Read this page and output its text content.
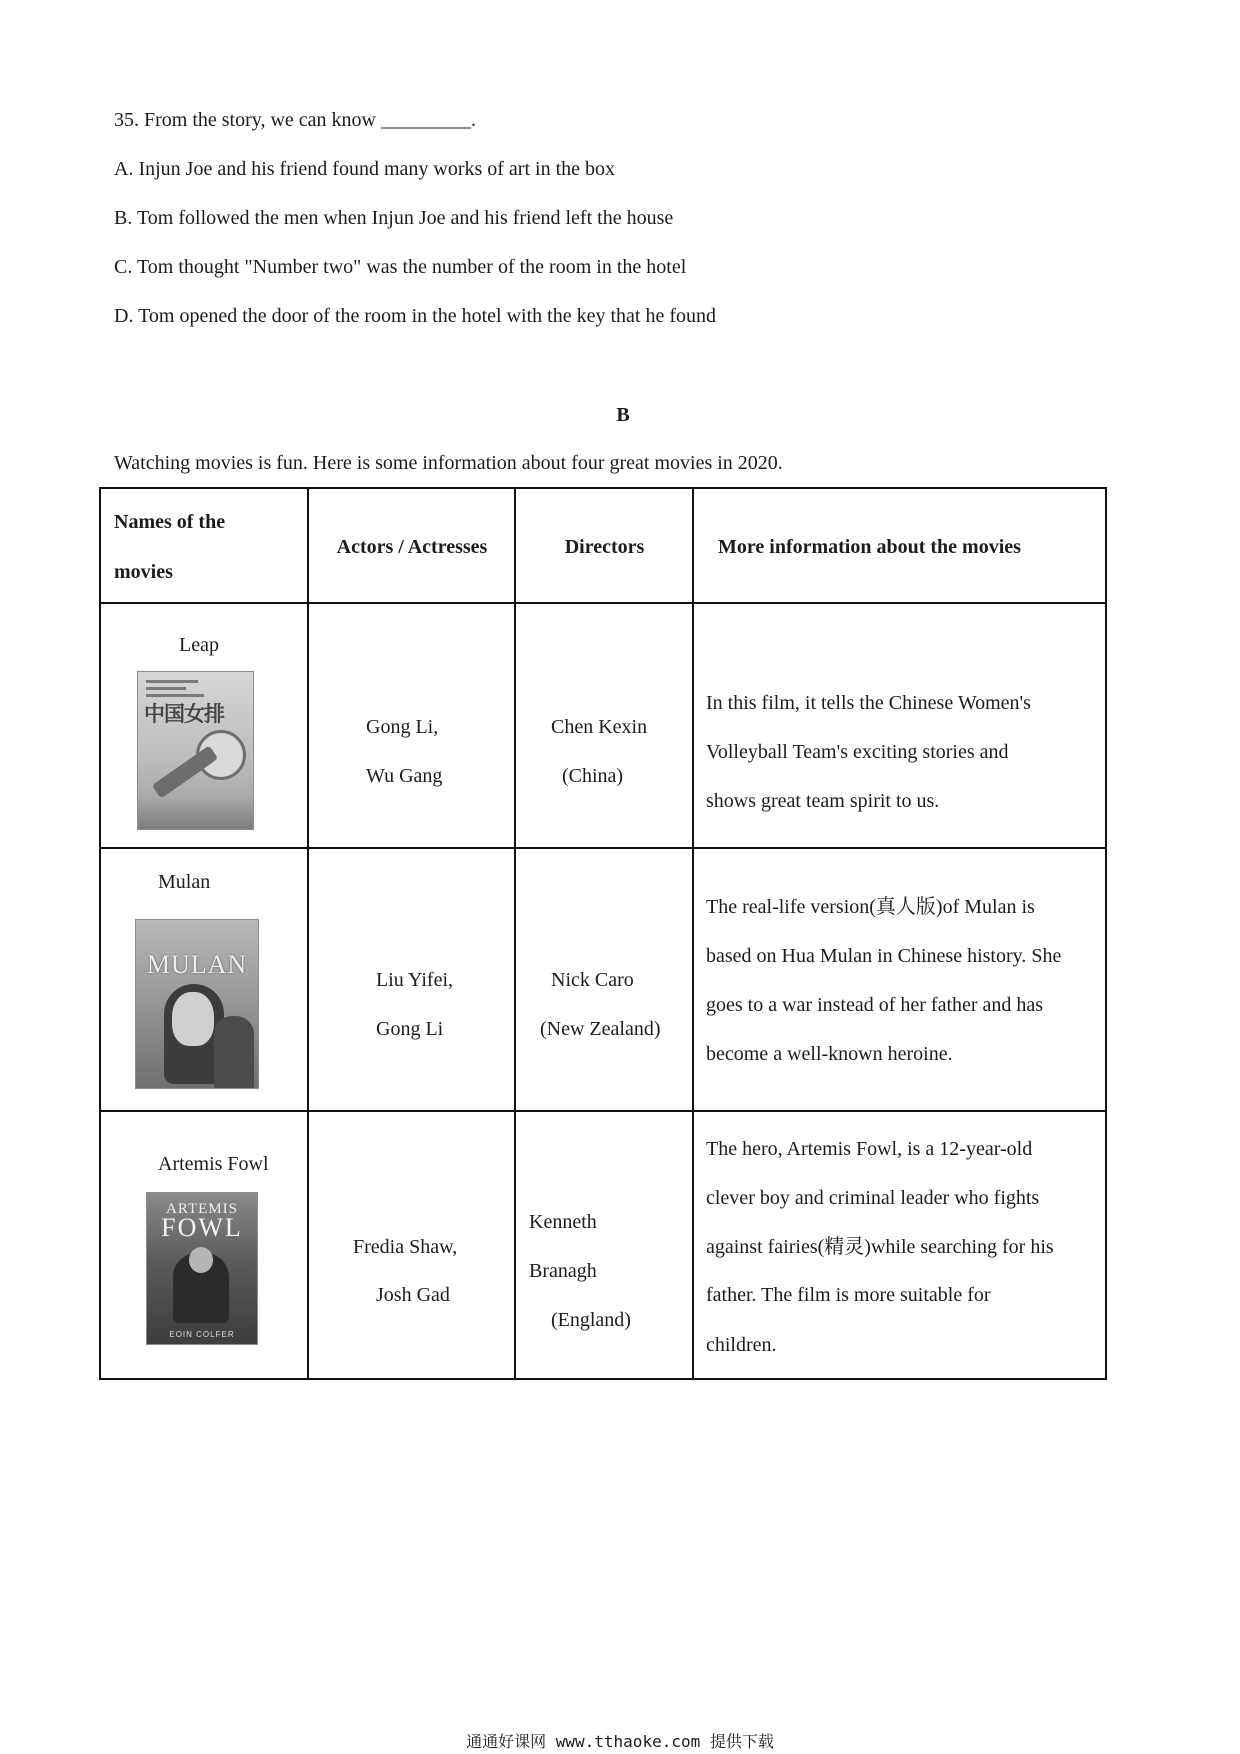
35. From the story, we can know _________.
A. Injun Joe and his friend found many works of art in the box
B. Tom followed the men when Injun Joe and his friend left the house
C. Tom thought "Number two" was the number of the room in the hotel
D. Tom opened the door of the room in the hotel with the key that he found
B
Watching movies is fun. Here is some information about four great movies in 2020.
Names of the
movies
Actors / Actresses	Directors	More information about the movies
Leap
中国女排
Gong Li,
Wu Gang
Chen Kexin
(China)
In this film, it tells the Chinese Women's
Volleyball Team's exciting stories and
shows great team spirit to us.
Mulan
MULAN
Liu Yifei,
Gong Li
Nick Caro
(New Zealand)
The real-life version(真人版)of Mulan is
based on Hua Mulan in Chinese history. She
goes to a war instead of her father and has
become a well-known heroine.
Artemis Fowl
ARTEMIS
FOWL
EOIN COLFER
Fredia Shaw,
Josh Gad
Kenneth
Branagh
(England)
The hero, Artemis Fowl, is a 12-year-old
clever boy and criminal leader who fights
against fairies(精灵)while searching for his
father. The film is more suitable for
children.
通通好课网 www.tthaoke.com 提供下载
